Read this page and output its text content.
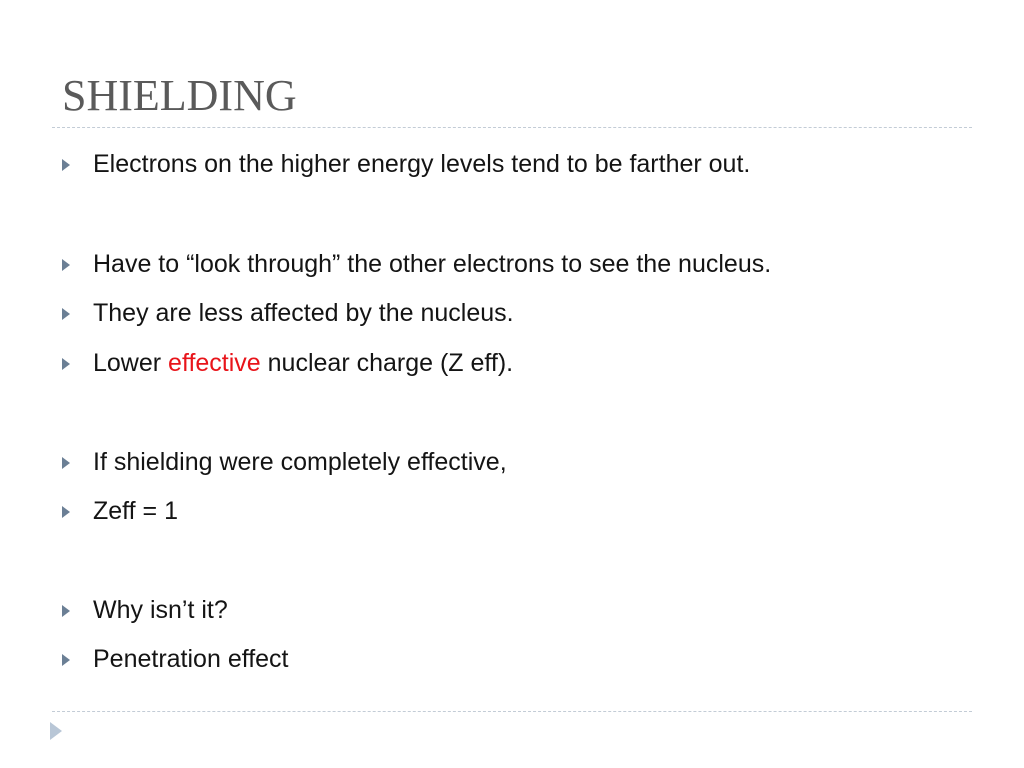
SHIELDING
Electrons on the higher energy levels tend to be farther out.
Have to “look through” the other electrons to see the nucleus.
They are less affected by the nucleus.
Lower effective nuclear charge (Z eff).
If shielding were completely effective,
Zeff = 1
Why isn’t it?
Penetration effect
